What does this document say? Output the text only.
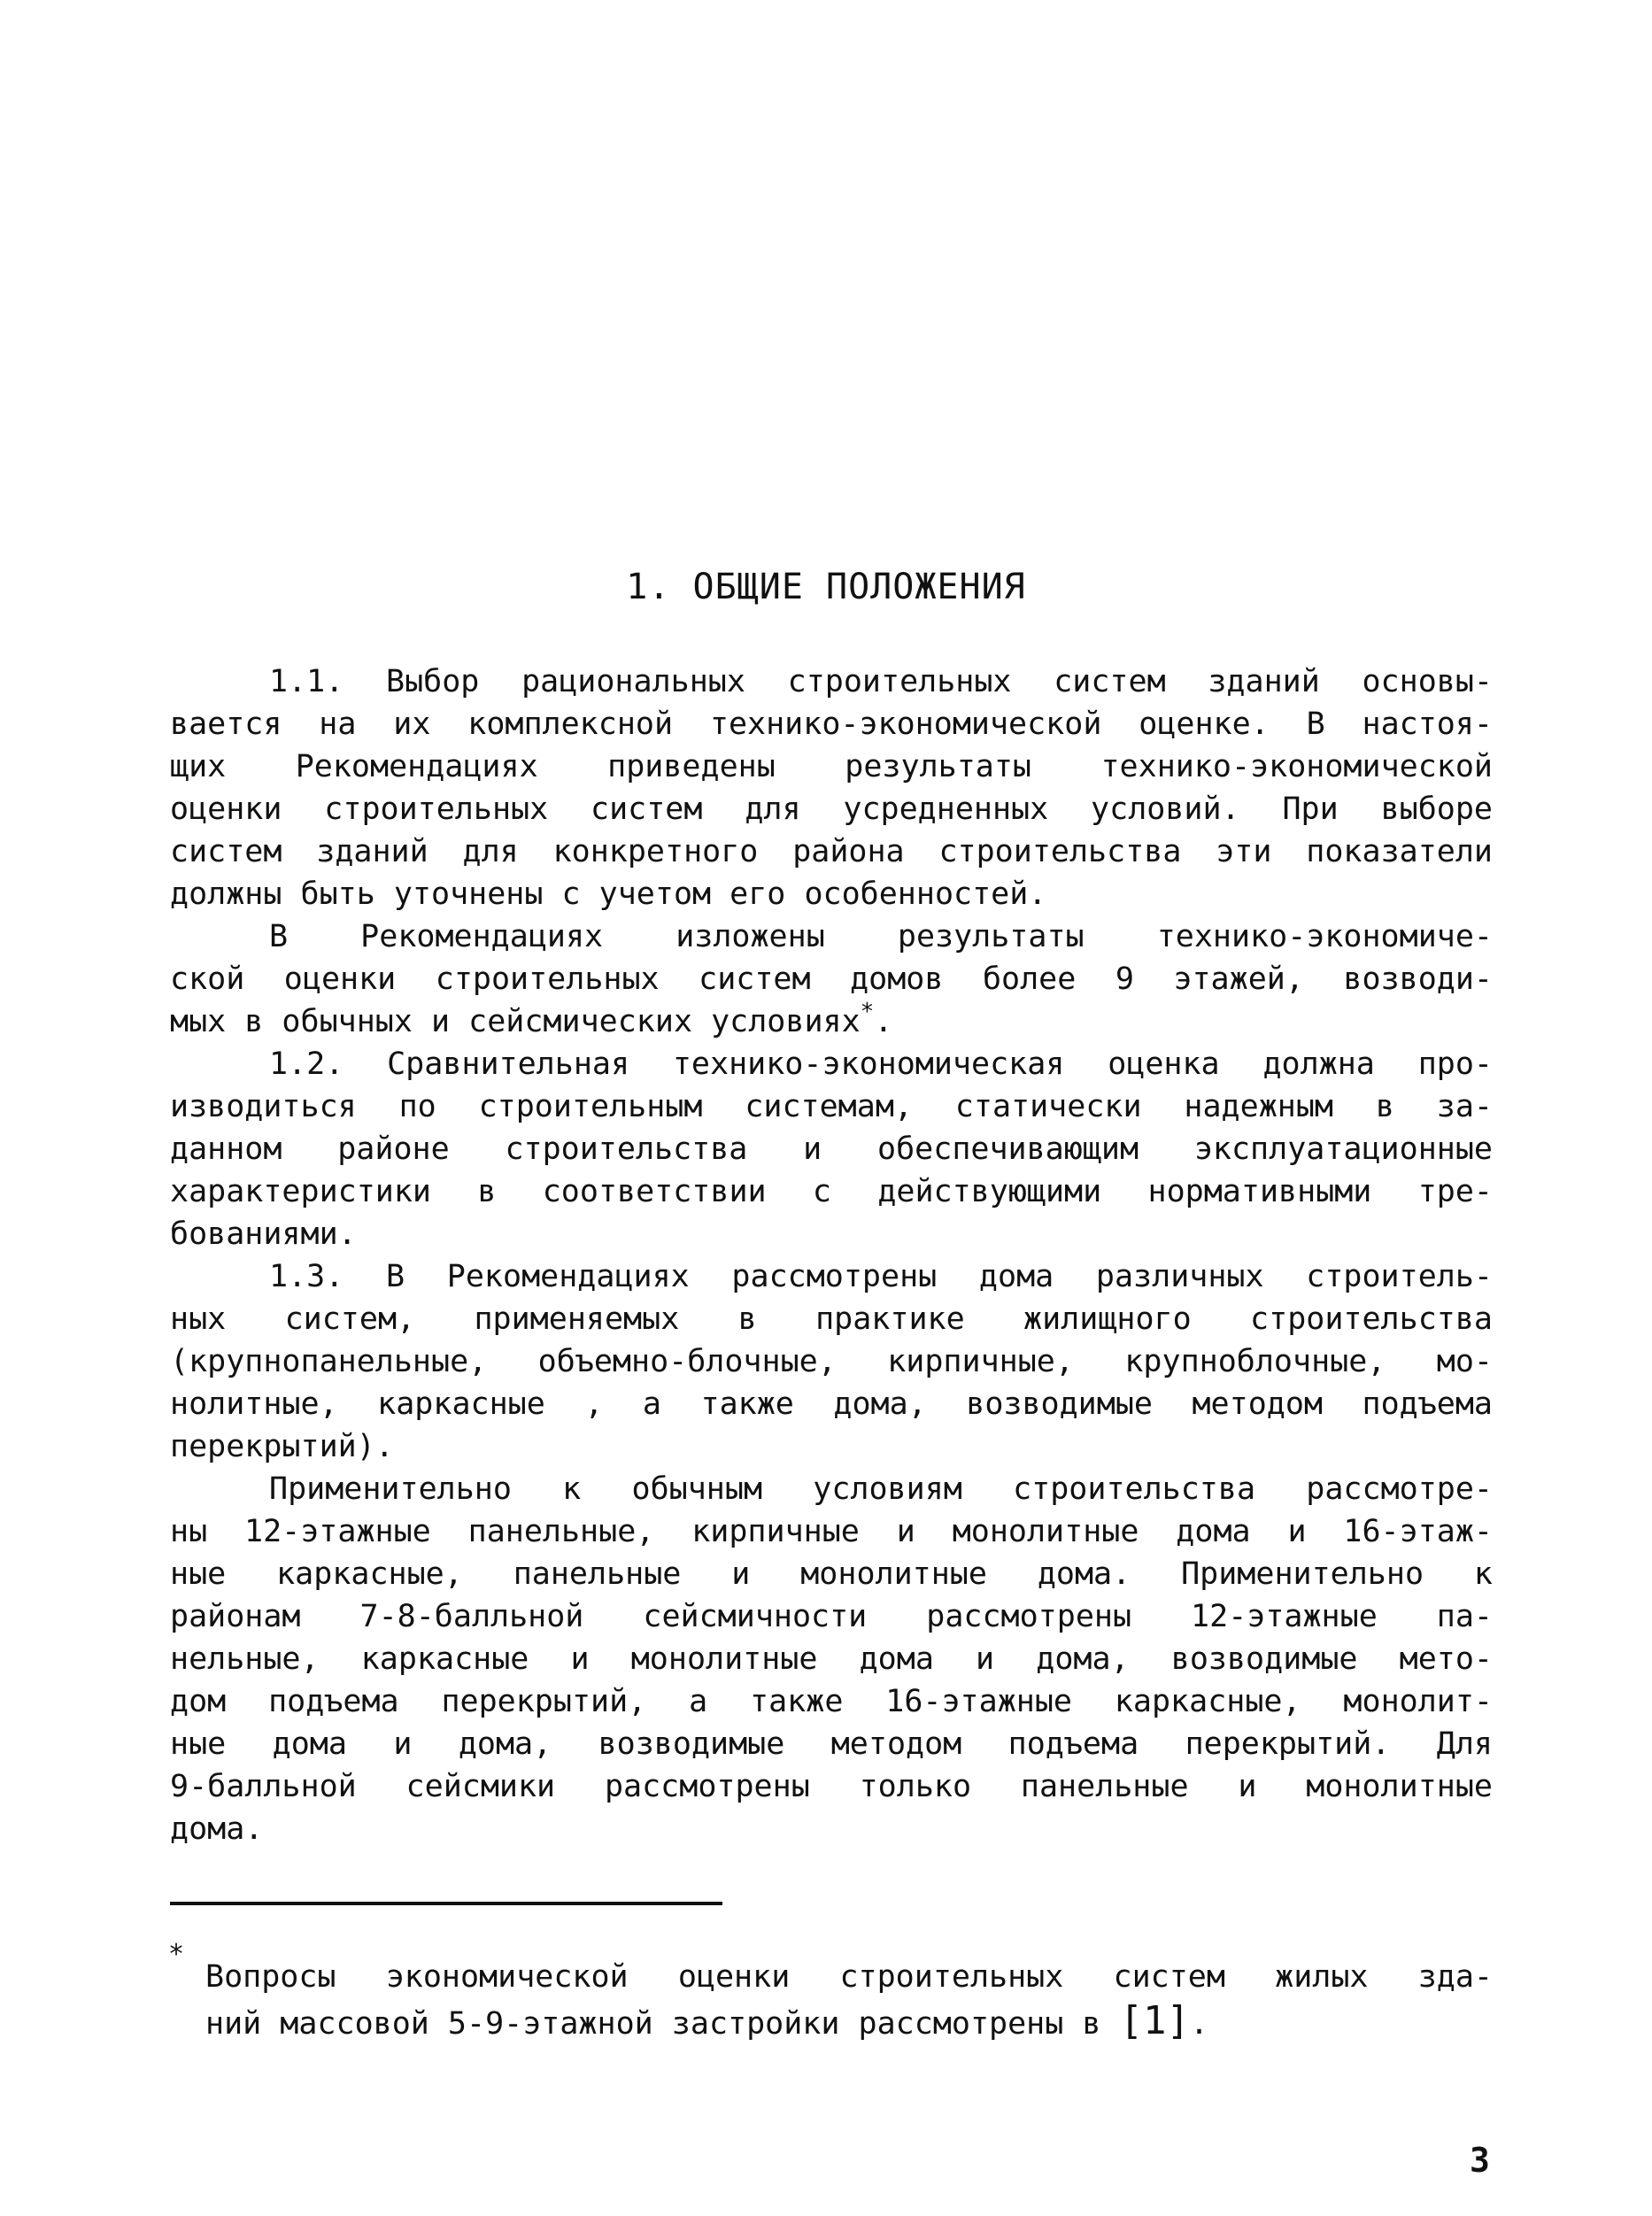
1. ОБЩИЕ ПОЛОЖЕНИЯ
1.1. Выбор рациональных строительных систем зданий основы-
вается на их комплексной технико-экономической оценке. В настоя-
щих Рекомендациях приведены результаты технико-экономической
оценки строительных систем для усредненных условий. При выборе
систем зданий для конкретного района строительства эти показатели
должны быть уточнены с учетом его особенностей.
В Рекомендациях изложены результаты технико-экономиче-
ской оценки строительных систем домов более 9 этажей, возводи-
мых в обычных и сейсмических условиях*.
1.2. Сравнительная технико-экономическая оценка должна про-
изводиться по строительным системам, статически надежным в за-
данном районе строительства и обеспечивающим эксплуатационные
характеристики в соответствии с действующими нормативными тре-
бованиями.
1.3. В Рекомендациях рассмотрены дома различных строитель-
ных систем, применяемых в практике жилищного строительства
(крупнопанельные, объемно-блочные, кирпичные, крупноблочные, мо-
нолитные, каркасные , а также дома, возводимые методом подъема
перекрытий).
Применительно к обычным условиям строительства рассмотре-
ны 12-этажные панельные, кирпичные и монолитные дома и 16-этаж-
ные каркасные, панельные и монолитные дома. Применительно к
районам 7-8-балльной сейсмичности рассмотрены 12-этажные па-
нельные, каркасные и монолитные дома и дома, возводимые мето-
дом подъема перекрытий, а также 16-этажные каркасные, монолит-
ные дома и дома, возводимые методом подъема перекрытий. Для
9-балльной сейсмики рассмотрены только панельные и монолитные
дома.
*
Вопросы экономической оценки строительных систем жилых зда-
ний массовой 5-9-этажной застройки рассмотрены в [1].
3
